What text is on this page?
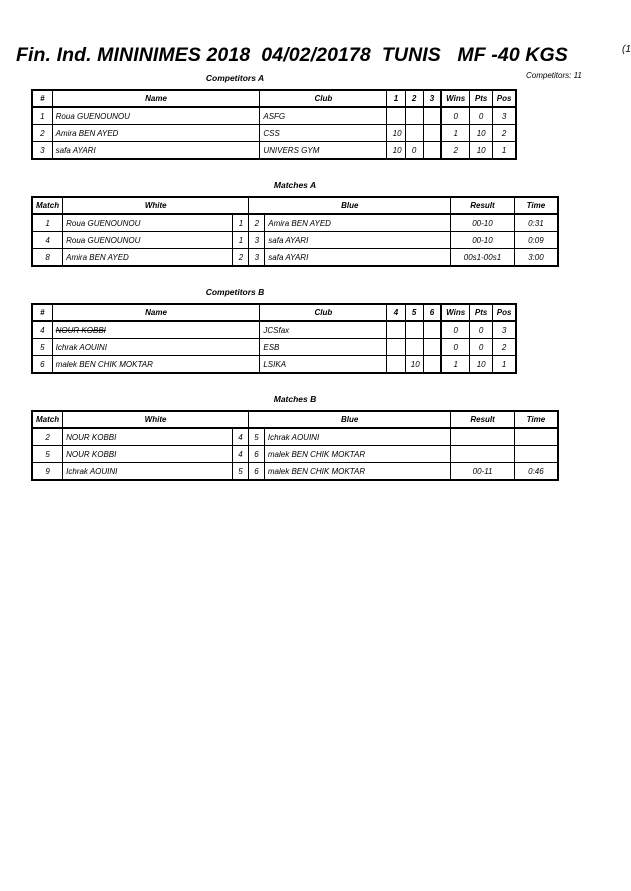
Fin. Ind. MININIMES 2018  04/02/20178  TUNIS   MF -40 KGS	(1
Competitors: 11
Competitors A
#	Name	Club	1	2	3	Wins	Pts	Pos
1	Roua GUENOUNOU	ASFG				0	0	3
2	Amira BEN AYED	CSS	10			1	10	2
3	safa AYARI	UNIVERS GYM	10	0		2	10	1
Matches A
Match	White		Blue		Result	Time
1	Roua GUENOUNOU	1	2	Amira BEN AYED	00-10	0:31
4	Roua GUENOUNOU	1	3	safa AYARI	00-10	0:09
8	Amira BEN AYED	2	3	safa AYARI	00s1-00s1	3:00
Competitors B
#	Name	Club	4	5	6	Wins	Pts	Pos
4	NOUR KOBBI	JCSfax				0	0	3
5	Ichrak AOUINI	ESB				0	0	2
6	malek BEN CHIK MOKTAR	LSIKA		10		1	10	1
Matches B
Match	White		Blue		Result	Time
2	NOUR KOBBI	4	5	Ichrak AOUINI		
5	NOUR KOBBI	4	6	malek BEN CHIK MOKTAR		
9	Ichrak AOUINI	5	6	malek BEN CHIK MOKTAR	00-11	0:46
